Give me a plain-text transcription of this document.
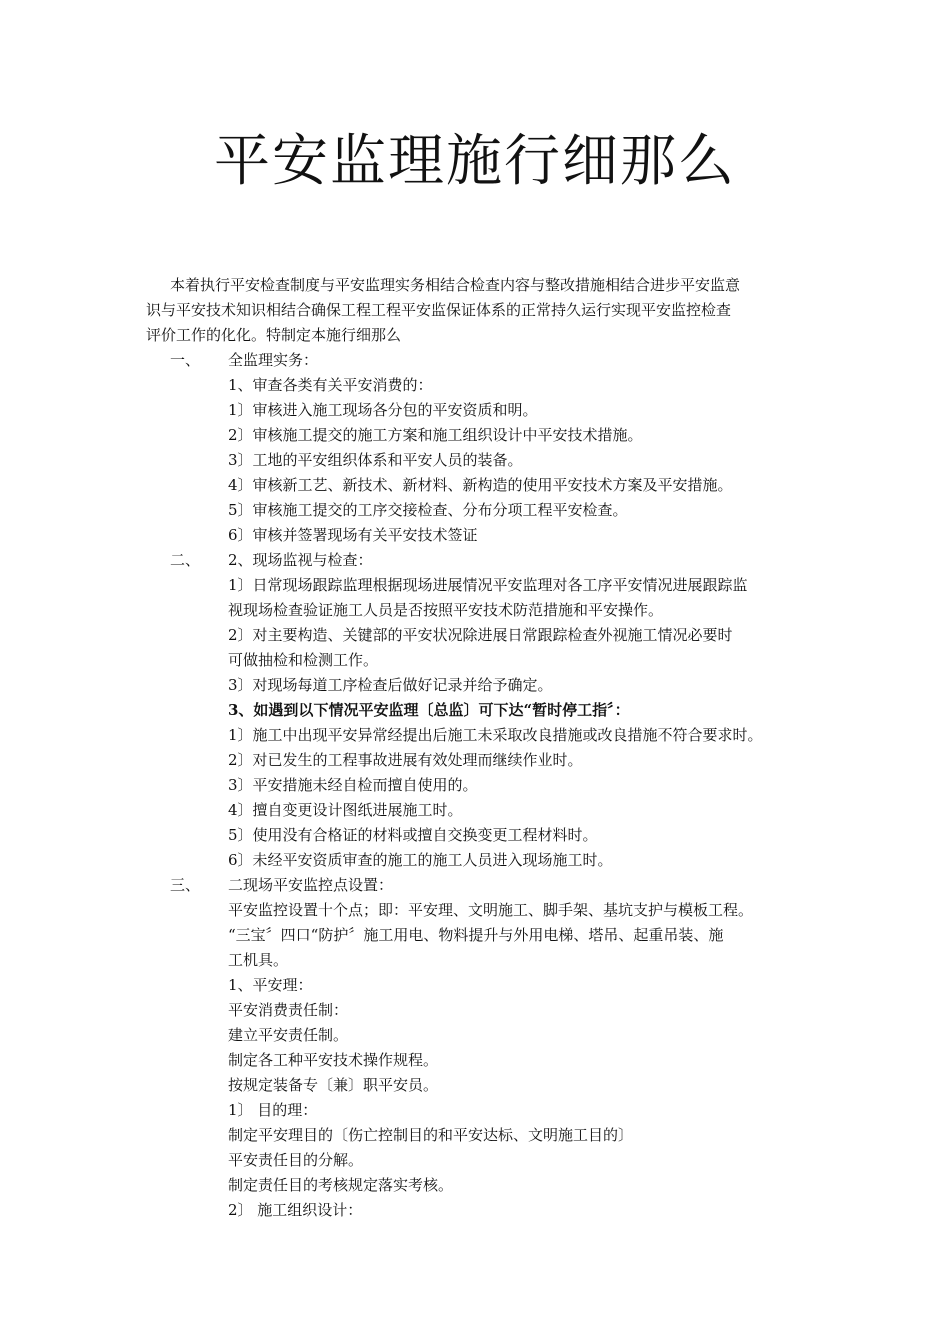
平安监理施行细那么
本着执行平安检查制度与平安监理实务相结合检查内容与整改措施相结合进步平安监意
识与平安技术知识相结合确保工程工程平安监保证体系的正常持久运行实现平安监控检查
评价工作的化化。特制定本施行细那么
一、 全监理实务：
1、审查各类有关平安消费的：
1〕审核进入施工现场各分包的平安资质和明。
2〕审核施工提交的施工方案和施工组织设计中平安技术措施。
3〕工地的平安组织体系和平安人员的装备。
4〕审核新工艺、新技术、新材料、新构造的使用平安技术方案及平安措施。
5〕审核施工提交的工序交接检查、分布分项工程平安检查。
6〕审核并签署现场有关平安技术签证
二、 2、现场监视与检查：
1〕日常现场跟踪监理根据现场进展情况平安监理对各工序平安情况进展跟踪监
视现场检查验证施工人员是否按照平安技术防范措施和平安操作。
2〕对主要构造、关键部的平安状况除进展日常跟踪检查外视施工情况必要时
可做抽检和检测工作。
3〕对现场每道工序检查后做好记录并给予确定。
3、如遇到以下情况平安监理〔总监〕可下达“暂时停工指〞：
1〕施工中出现平安异常经提出后施工未采取改良措施或改良措施不符合要求时。
2〕对已发生的工程事故进展有效处理而继续作业时。
3〕平安措施未经自检而擅自使用的。
4〕擅自变更设计图纸进展施工时。
5〕使用没有合格证的材料或擅自交换变更工程材料时。
6〕未经平安资质审查的施工的施工人员进入现场施工时。
三、 二现场平安监控点设置：
平安监控设置十个点；即：平安理、文明施工、脚手架、基坑支护与模板工程。
“三宝〞四口“防护〞施工用电、物料提升与外用电梯、塔吊、起重吊装、施
工机具。
1、平安理：
平安消费责任制：
建立平安责任制。
制定各工种平安技术操作规程。
按规定装备专〔兼〕职平安员。
1〕 目的理：
制定平安理目的〔伤亡控制目的和平安达标、文明施工目的〕
平安责任目的分解。
制定责任目的考核规定落实考核。
2〕 施工组织设计：
